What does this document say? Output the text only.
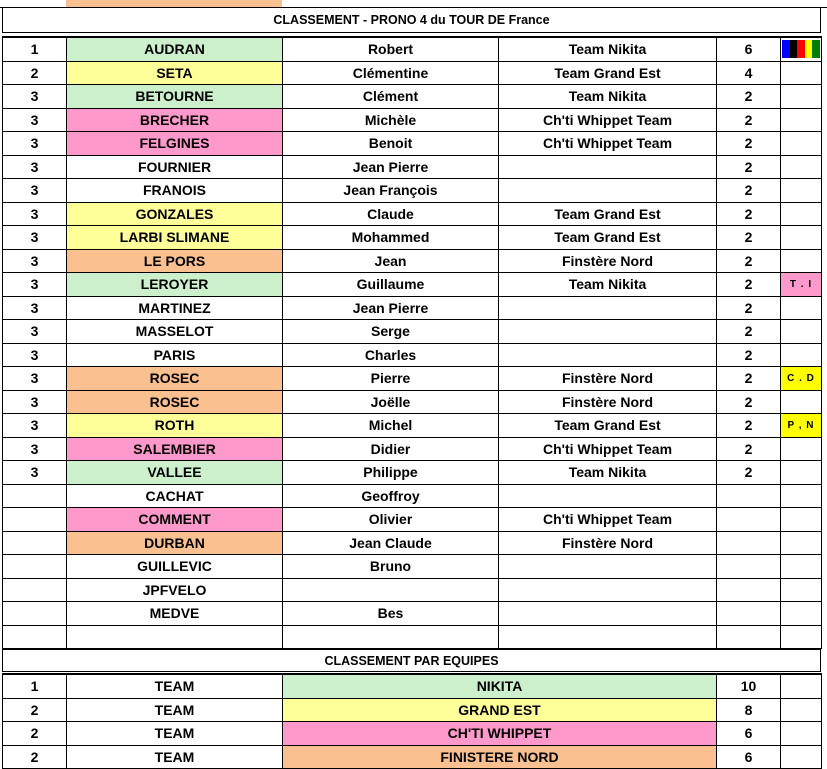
CLASSEMENT - PRONO 4 du TOUR DE France
1	AUDRAN	Robert	Team Nikita	6	

2	SETA	Clémentine	Team Grand Est	4	
3	BETOURNE	Clément	Team Nikita	2	
3	BRECHER	Michèle	Ch'ti Whippet Team	2	
3	FELGINES	Benoit	Ch'ti Whippet Team	2	
3	FOURNIER	Jean Pierre		2	
3	FRANOIS	Jean François		2	
3	GONZALES	Claude	Team Grand Est	2	
3	LARBI SLIMANE	Mohammed	Team Grand Est	2	
3	LE PORS	Jean	Finstère Nord	2	
3	LEROYER	Guillaume	Team Nikita	2	T . I
3	MARTINEZ	Jean Pierre		2	
3	MASSELOT	Serge		2	
3	PARIS	Charles		2	
3	ROSEC	Pierre	Finstère Nord	2	C . D
3	ROSEC	Joëlle	Finstère Nord	2	
3	ROTH	Michel	Team Grand Est	2	P , N
3	SALEMBIER	Didier	Ch'ti Whippet Team	2	
3	VALLEE	Philippe	Team Nikita	2	
	CACHAT	Geoffroy			
	COMMENT	Olivier	Ch'ti Whippet Team		
	DURBAN	Jean Claude	Finstère Nord		
	GUILLEVIC	Bruno			
	JPFVELO				
	MEDVE	Bes			

CLASSEMENT PAR EQUIPES
1	TEAM	NIKITA	10	
2	TEAM	GRAND EST	8	
2	TEAM	CH'TI WHIPPET	6	
2	TEAM	FINISTERE NORD	6	
